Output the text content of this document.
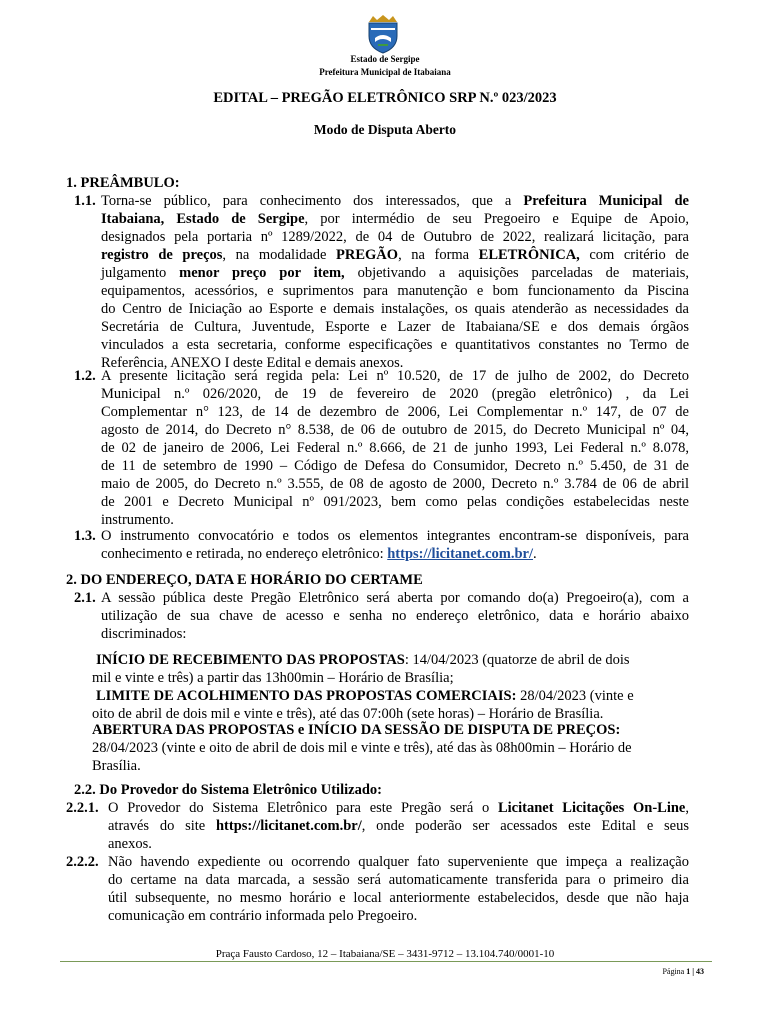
Estado de Sergipe
Prefeitura Municipal de Itabaiana
EDITAL – PREGÃO ELETRÔNICO SRP N.º 023/2023
Modo de Disputa Aberto
1. PREÂMBULO:
1.1. Torna-se público, para conhecimento dos interessados, que a Prefeitura Municipal de
Itabaiana, Estado de Sergipe, por intermédio de seu Pregoeiro e Equipe de Apoio,
designados pela portaria nº 1289/2022, de 04 de Outubro de 2022, realizará licitação, para
registro de preços, na modalidade PREGÃO, na forma ELETRÔNICA, com critério de
julgamento menor preço por item, objetivando a aquisições parceladas de materiais,
equipamentos, acessórios, e suprimentos para manutenção e bom funcionamento da Piscina
do Centro de Iniciação ao Esporte e demais instalações, os quais atenderão as necessidades da
Secretária de Cultura, Juventude, Esporte e Lazer de Itabaiana/SE e dos demais órgãos
vinculados a esta secretaria, conforme especificações e quantitativos constantes no Termo de
Referência, ANEXO I deste Edital e demais anexos.
1.2. A presente licitação será regida pela: Lei nº 10.520, de 17 de julho de 2002, do Decreto
Municipal n.º 026/2020, de 19 de fevereiro de 2020 (pregão eletrônico) , da Lei
Complementar n° 123, de 14 de dezembro de 2006, Lei Complementar n.º 147, de 07 de
agosto de 2014, do Decreto n° 8.538, de 06 de outubro de 2015, do Decreto Municipal nº 04,
de 02 de janeiro de 2006, Lei Federal n.º 8.666, de 21 de junho 1993, Lei Federal n.º 8.078,
de 11 de setembro de 1990 – Código de Defesa do Consumidor, Decreto n.º 5.450, de 31 de
maio de 2005, do Decreto n.º 3.555, de 08 de agosto de 2000, Decreto n.º 3.784 de 06 de abril
de 2001 e Decreto Municipal nº 091/2023, bem como pelas condições estabelecidas neste
instrumento.
1.3. O instrumento convocatório e todos os elementos integrantes encontram-se disponíveis, para
conhecimento e retirada, no endereço eletrônico: https://licitanet.com.br/.
2. DO ENDEREÇO, DATA E HORÁRIO DO CERTAME
2.1. A sessão pública deste Pregão Eletrônico será aberta por comando do(a) Pregoeiro(a), com a
utilização de sua chave de acesso e senha no endereço eletrônico, data e horário abaixo
discriminados:
INÍCIO DE RECEBIMENTO DAS PROPOSTAS: 14/04/2023 (quatorze de abril de dois
mil e vinte e três) a partir das 13h00min – Horário de Brasília;
LIMITE DE ACOLHIMENTO DAS PROPOSTAS COMERCIAIS: 28/04/2023 (vinte e
oito de abril de dois mil e vinte e três), até das 07:00h (sete horas) – Horário de Brasília.
ABERTURA DAS PROPOSTAS e INÍCIO DA SESSÃO DE DISPUTA DE PREÇOS:
28/04/2023 (vinte e oito de abril de dois mil e vinte e três), até das às 08h00min – Horário de
Brasília.
2.2. Do Provedor do Sistema Eletrônico Utilizado:
2.2.1. O Provedor do Sistema Eletrônico para este Pregão será o Licitanet Licitações On-Line,
através do site https://licitanet.com.br/, onde poderão ser acessados este Edital e seus
anexos.
2.2.2. Não havendo expediente ou ocorrendo qualquer fato superveniente que impeça a realização
do certame na data marcada, a sessão será automaticamente transferida para o primeiro dia
útil subsequente, no mesmo horário e local anteriormente estabelecidos, desde que não haja
comunicação em contrário informada pelo Pregoeiro.
Praça Fausto Cardoso, 12 – Itabaiana/SE – 3431-9712 – 13.104.740/0001-10
Página 1 | 43
